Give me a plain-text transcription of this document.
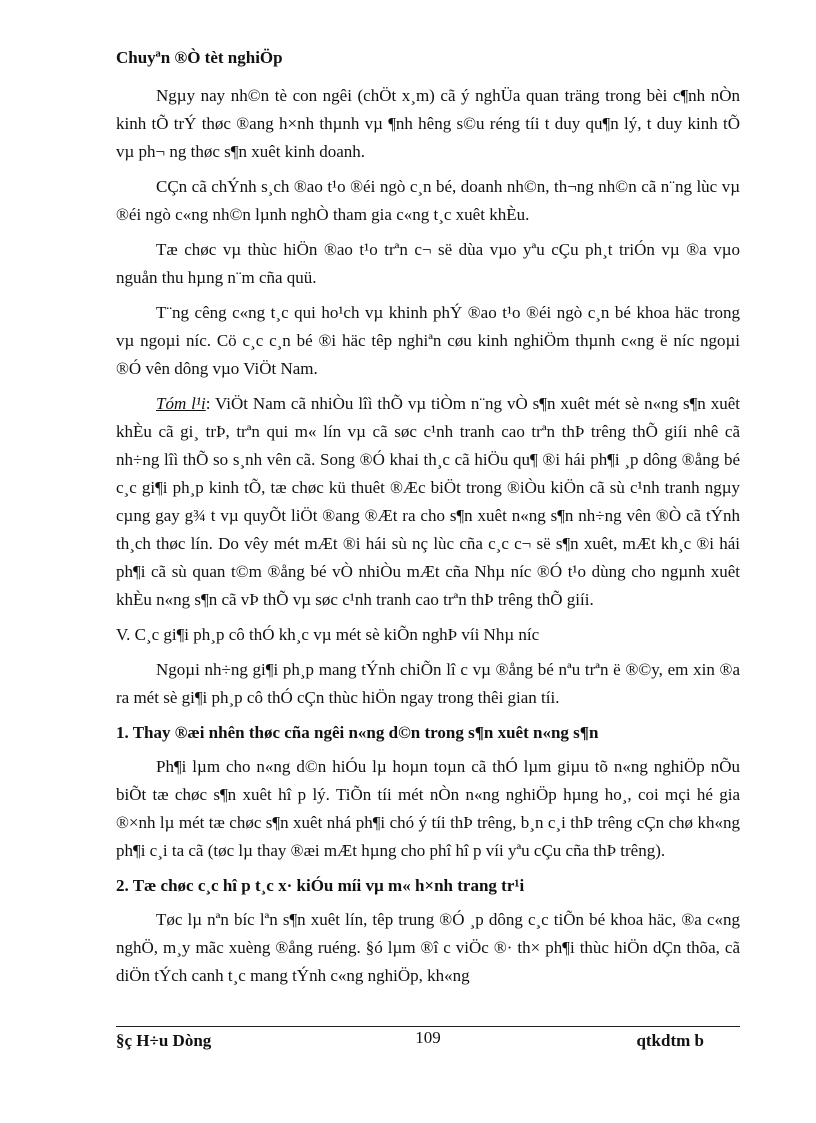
Chuyªn ®Ò tèt nghiÖp

Ngµy nay nh©n tè con ngêi (chÖt x¸m) cã ý nghÜa quan träng trong bèi c¶nh nÒn kinh tÕ trÝ thøc ®ang h×nh thµnh vµ ¶nh hêng s©u réng tíi t duy qu¶n lý, t duy kinh tÕ vµ ph¬ ng thøc s¶n xuêt kinh doanh.

CÇn cã chÝnh s¸ch ®ao t¹o ®éi ngò c¸n bé, doanh nh©n, th¬ng nh©n cã n¨ng lùc vµ ®éi ngò c«ng nh©n lµnh nghÒ tham gia c«ng t¸c xuêt khÈu.

Tæ chøc vµ thùc hiÖn ®ao t¹o trªn c¬ së dùa vµo yªu cÇu ph¸t triÓn vµ ®a vµo nguån thu hµng n¨m cña quü.

T¨ng cêng c«ng t¸c qui ho¹ch vµ khinh phÝ ®ao t¹o ®éi ngò c¸n bé khoa häc trong vµ ngoµi níc. Cö c¸c c¸n bé ®i häc têp nghiªn cøu kinh nghiÖm thµnh c«ng ë níc ngoµi ®Ó vên dông vµo ViÖt Nam.

Tóm l¹i: ViÖt Nam cã nhiÒu lîì thÕ vµ tiÒm n¨ng vÒ s¶n xuêt mét sè n«ng s¶n xuêt khÈu cã gi¸ trÞ, trªn qui m« lín vµ cã søc c¹nh tranh cao trªn thÞ trêng thÕ giíi nhê cã nh÷ng lîì thÕ so s¸nh vên cã. Song ®Ó khai th¸c cã hiÖu qu¶ ®i hái ph¶i ¸p dông ®ång bé c¸c gi¶i ph¸p kinh tÕ, tæ chøc kü thuêt ®Æc biÖt trong ®iÒu kiÖn cã sù c¹nh tranh ngµy cµng gay g¾ t vµ quyÕt liÖt ®ang ®Æt ra cho s¶n xuêt n«ng s¶n nh÷ng vên ®Ò cã tÝnh th¸ch thøc lín. Do vêy mét mÆt ®i hái sù nç lùc cña c¸c c¬ së s¶n xuêt, mÆt kh¸c ®i hái ph¶i cã sù quan t©m ®ång bé vÒ nhiÒu mÆt cña Nhµ níc ®Ó t¹o dùng cho ngµnh xuêt khÈu n«ng s¶n cã vÞ thÕ vµ søc c¹nh tranh cao trªn thÞ trêng thÕ giíi.

V. C¸c gi¶i ph¸p cô thÓ kh¸c vµ mét sè kiÕn nghÞ víi Nhµ níc

Ngoµi nh÷ng gi¶i ph¸p mang tÝnh chiÕn lî c vµ ®ång bé nªu trªn ë ®©y, em xin ®a ra mét sè gi¶i ph¸p cô thÓ cÇn thùc hiÖn ngay trong thêi gian tíi.

1. Thay ®æi nhên thøc cña ngêi n«ng d©n trong s¶n xuêt n«ng s¶n

Ph¶i lµm cho n«ng d©n hiÓu lµ hoµn toµn cã thÓ lµm giµu tõ n«ng nghiÖp nÕu biÕt tæ chøc s¶n xuêt hî p lý. TiÕn tíi mét nÒn n«ng nghiÖp hµng ho¸, coi mçi hé gia ®×nh lµ mét tæ chøc s¶n xuêt nhá ph¶i chó ý tíi thÞ trêng, b¸n c¸i thÞ trêng cÇn chø kh«ng ph¶i c¸i ta cã (tøc lµ thay ®æi mÆt hµng cho phî hî p víi yªu cÇu cña thÞ trêng).

2. Tæ chøc c¸c hî p t¸c x· kiÓu míi vµ m« h×nh trang tr¹i

Tøc lµ nªn bíc lªn s¶n xuêt lín, têp trung ®Ó ¸p dông c¸c tiÕn bé khoa häc, ®a c«ng nghÖ, m¸y mãc xuèng ®ång ruéng. §ó lµm ®î c viÖc ®· th× ph¶i thùc hiÖn dÇn thõa, cã diÖn tÝch canh t¸c mang tÝnh c«ng nghiÖp, kh«ng

§ç H÷u Dòng	109	qtkdtm b
